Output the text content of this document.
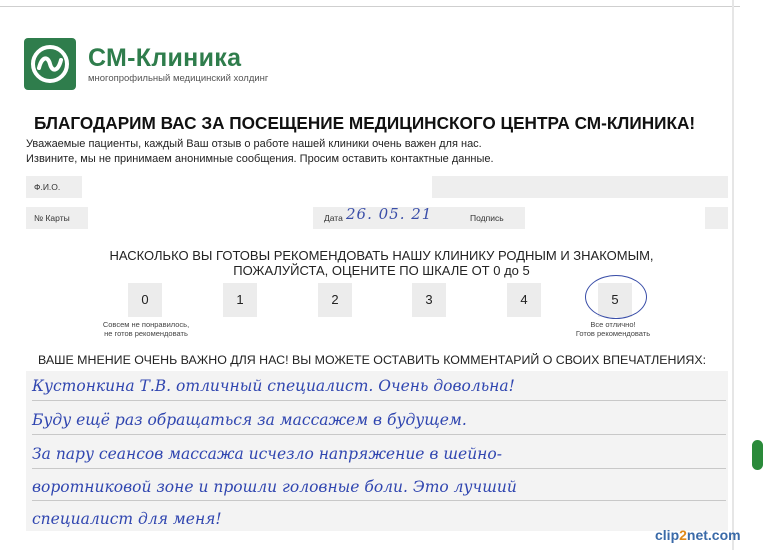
СМ-Клиника
многопрофильный медицинский холдинг
БЛАГОДАРИМ ВАС ЗА ПОСЕЩЕНИЕ МЕДИЦИНСКОГО ЦЕНТРА СМ-КЛИНИКА!
Уважаемые пациенты, каждый Ваш отзыв о работе нашей клиники очень важен для нас.
Извините, мы не принимаем анонимные сообщения. Просим оставить контактные данные.
Ф.И.О.
№ Карты	Дата 26. 05. 21	Подпись
НАСКОЛЬКО ВЫ ГОТОВЫ РЕКОМЕНДОВАТЬ НАШУ КЛИНИКУ РОДНЫМ И ЗНАКОМЫМ,
ПОЖАЛУЙСТА, ОЦЕНИТЕ ПО ШКАЛЕ ОТ 0 до 5
0	1	2	3	4	5
Совсем не понравилось,
не готов рекомендовать
Все отлично!
Готов рекомендовать
ВАШЕ МНЕНИЕ ОЧЕНЬ ВАЖНО ДЛЯ НАС! ВЫ МОЖЕТЕ ОСТАВИТЬ КОММЕНТАРИЙ О СВОИХ ВПЕЧАТЛЕНИЯХ:
Кустонкина Т.В. отличный специалист. Очень довольна!
Буду ещё раз обращаться за массажем в будущем.
За пару сеансов массажа исчезло напряжение в шейно-
воротниковой зоне и прошли головные боли. Это лучший
специалист для меня!
clip2net.com
